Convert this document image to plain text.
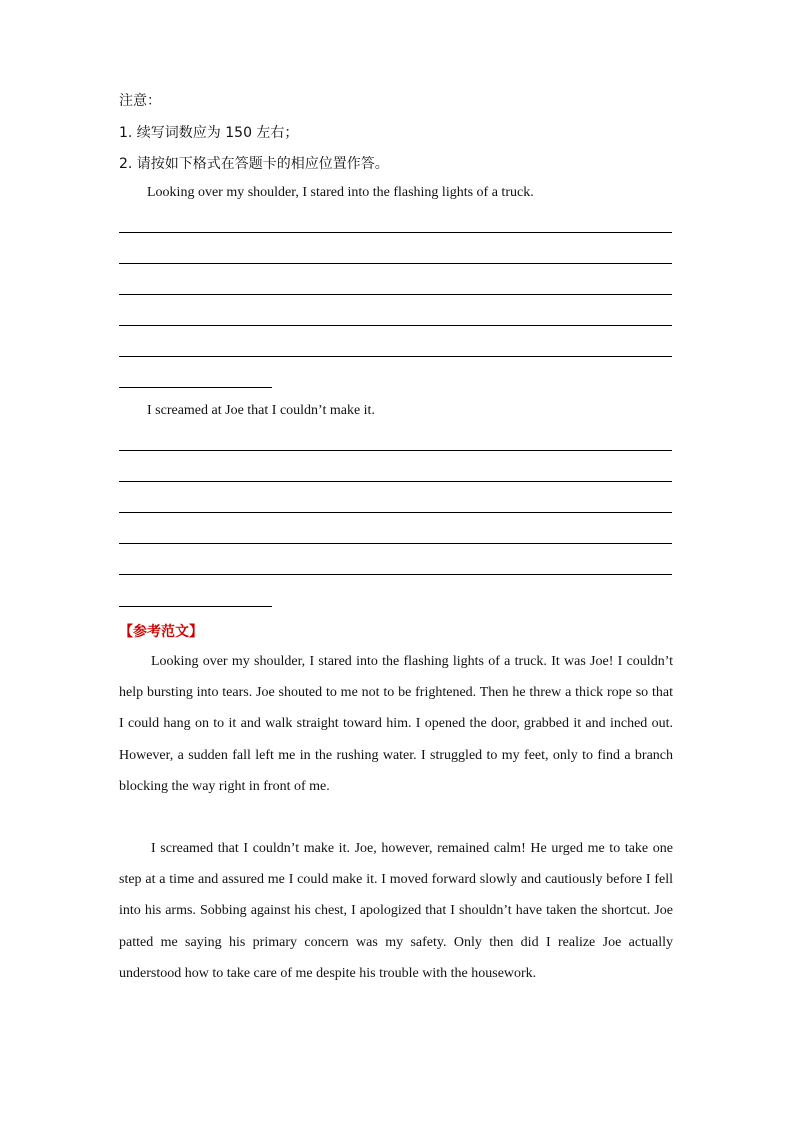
注意：
1. 续写词数应为 150 左右；
2. 请按如下格式在答题卡的相应位置作答。
Looking over my shoulder, I stared into the flashing lights of a truck.
I screamed at Joe that I couldn’t make it.
【参考范文】

Looking over my shoulder, I stared into the flashing lights of a truck. It was Joe! I couldn’t help bursting into tears. Joe shouted to me not to be frightened. Then he threw a thick rope so that I could hang on to it and walk straight toward him. I opened the door, grabbed it and inched out. However, a sudden fall left me in the rushing water. I struggled to my feet, only to find a branch blocking the way right in front of me.

I screamed that I couldn’t make it. Joe, however, remained calm! He urged me to take one step at a time and assured me I could make it. I moved forward slowly and cautiously before I fell into his arms. Sobbing against his chest, I apologized that I shouldn’t have taken the shortcut. Joe patted me saying his primary concern was my safety. Only then did I realize Joe actually understood how to take care of me despite his trouble with the housework.
